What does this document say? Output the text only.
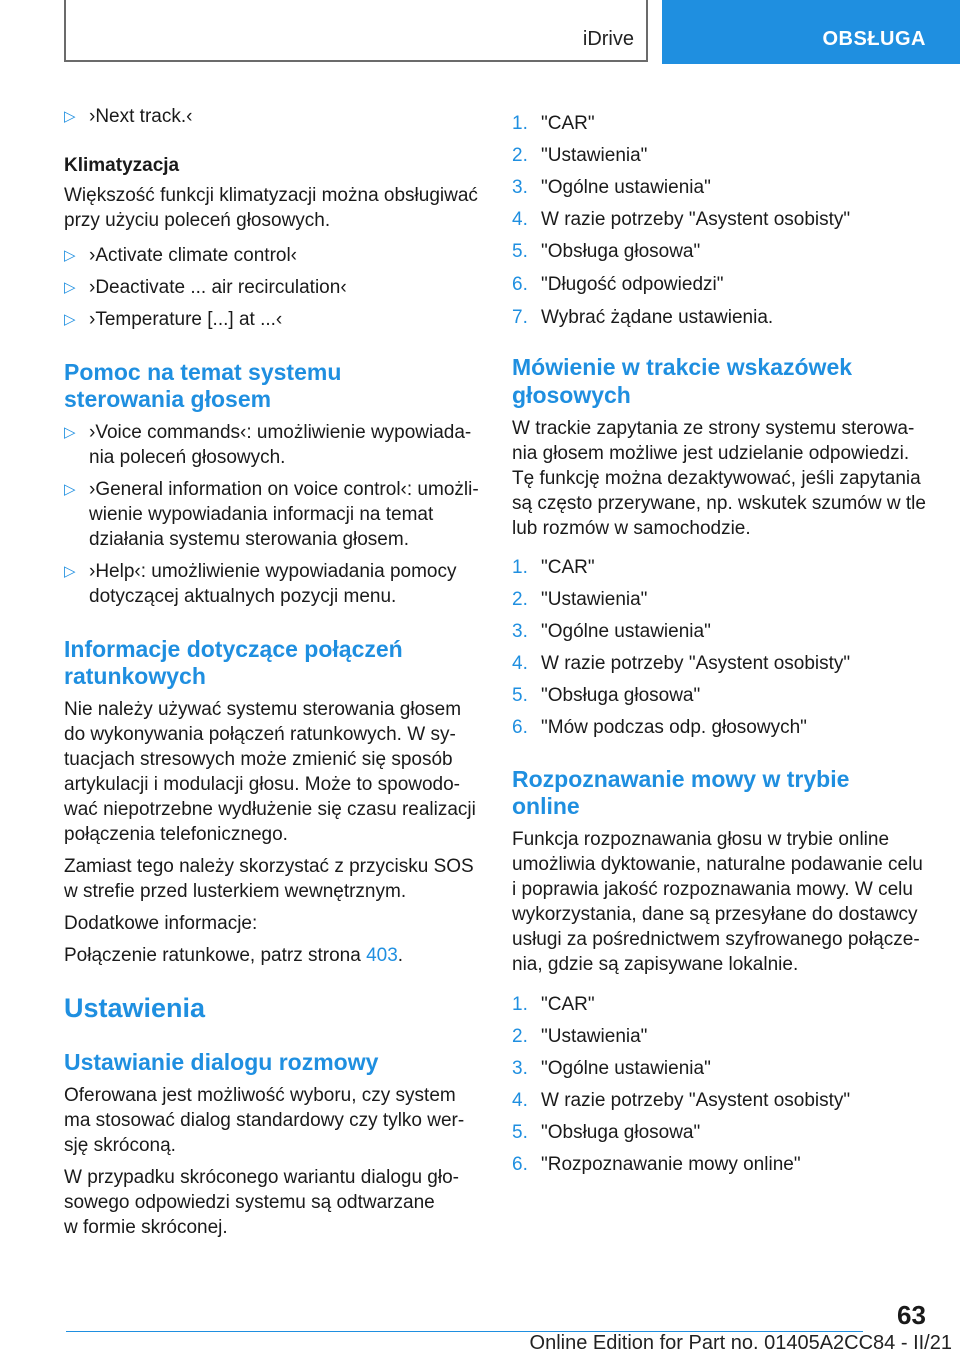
iDrive	OBSŁUGA
▷ ›Next track.‹
Klimatyzacja
Większość funkcji klimatyzacji można obsługiwać
przy użyciu poleceń głosowych.
▷ ›Activate climate control‹
▷ ›Deactivate ... air recirculation‹
▷ ›Temperature [...] at ...‹
Pomoc na temat systemu
sterowania głosem
▷ ›Voice commands‹: umożliwienie wypowiada-
nia poleceń głosowych.
▷ ›General information on voice control‹: umożli-
wienie wypowiadania informacji na temat
działania systemu sterowania głosem.
▷ ›Help‹: umożliwienie wypowiadania pomocy
dotyczącej aktualnych pozycji menu.
Informacje dotyczące połączeń
ratunkowych
Nie należy używać systemu sterowania głosem
do wykonywania połączeń ratunkowych. W sy-
tuacjach stresowych może zmienić się sposób
artykulacji i modulacji głosu. Może to spowodo-
wać niepotrzebne wydłużenie się czasu realizacji
połączenia telefonicznego.
Zamiast tego należy skorzystać z przycisku SOS
w strefie przed lusterkiem wewnętrznym.
Dodatkowe informacje:
Połączenie ratunkowe, patrz strona 403.
Ustawienia
Ustawianie dialogu rozmowy
Oferowana jest możliwość wyboru, czy system
ma stosować dialog standardowy czy tylko wer-
sję skróconą.
W przypadku skróconego wariantu dialogu gło-
sowego odpowiedzi systemu są odtwarzane
w formie skróconej.
1. "CAR"
2. "Ustawienia"
3. "Ogólne ustawienia"
4. W razie potrzeby "Asystent osobisty"
5. "Obsługa głosowa"
6. "Długość odpowiedzi"
7. Wybrać żądane ustawienia.
Mówienie w trakcie wskazówek
głosowych
W trackie zapytania ze strony systemu sterowa-
nia głosem możliwe jest udzielanie odpowiedzi.
Tę funkcję można dezaktywować, jeśli zapytania
są często przerywane, np. wskutek szumów w tle
lub rozmów w samochodzie.
1. "CAR"
2. "Ustawienia"
3. "Ogólne ustawienia"
4. W razie potrzeby "Asystent osobisty"
5. "Obsługa głosowa"
6. "Mów podczas odp. głosowych"
Rozpoznawanie mowy w trybie
online
Funkcja rozpoznawania głosu w trybie online
umożliwia dyktowanie, naturalne podawanie celu
i poprawia jakość rozpoznawania mowy. W celu
wykorzystania, dane są przesyłane do dostawcy
usługi za pośrednictwem szyfrowanego połącze-
nia, gdzie są zapisywane lokalnie.
1. "CAR"
2. "Ustawienia"
3. "Ogólne ustawienia"
4. W razie potrzeby "Asystent osobisty"
5. "Obsługa głosowa"
6. "Rozpoznawanie mowy online"
63
Online Edition for Part no. 01405A2CC84 - II/21
